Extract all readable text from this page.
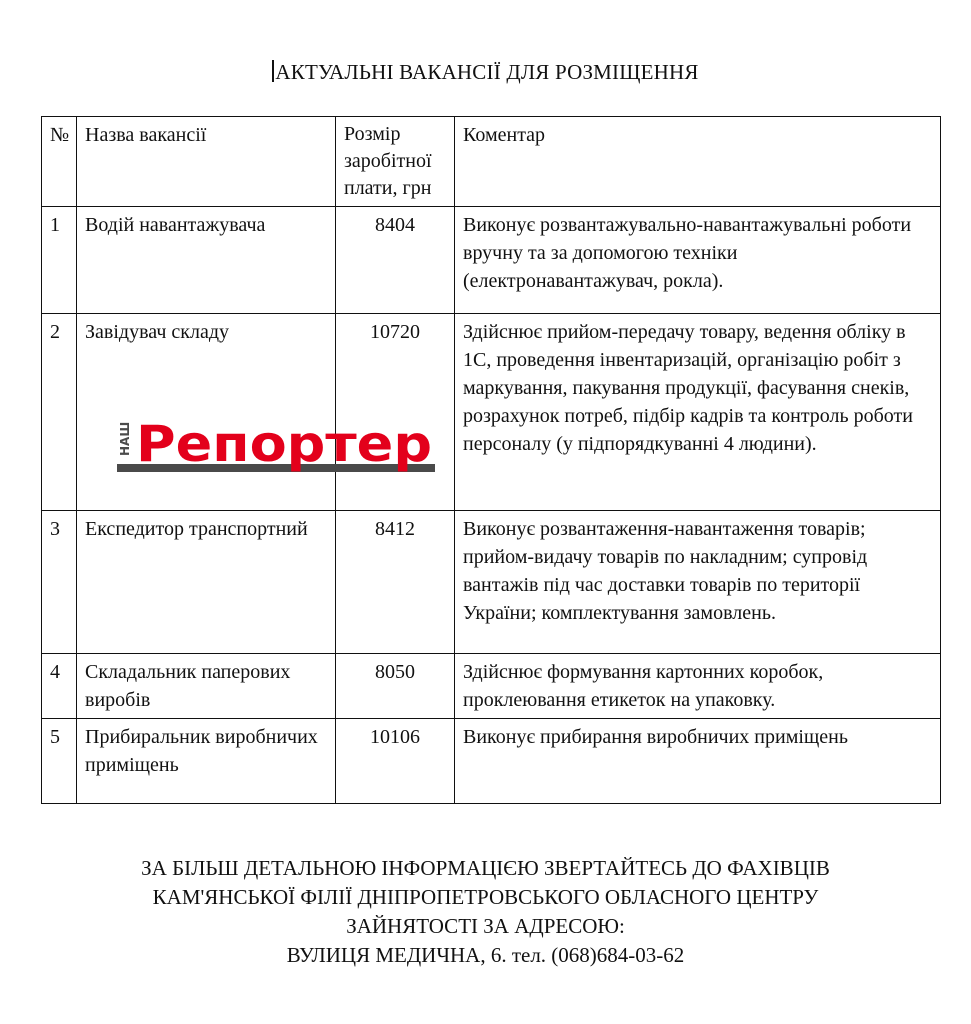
АКТУАЛЬНІ ВАКАНСІЇ ДЛЯ РОЗМІЩЕННЯ
№	Назва вакансії	Розмір заробітної плати, грн	Коментар
1	Водій навантажувача	8404	Виконує розвантажувально-навантажувальні роботи вручну та за допомогою техніки (електронавантажувач, рокла).
2	Завідувач складу	10720	Здійснює прийом-передачу товару, ведення обліку в 1С, проведення інвентаризацій, організацію робіт з маркування, пакування продукції, фасування снеків, розрахунок потреб, підбір кадрів та контроль роботи персоналу (у підпорядкуванні 4 людини).
3	Експедитор транспортний	8412	Виконує розвантаження-навантаження товарів; прийом-видачу товарів по накладним; супровід вантажів під час доставки товарів по території України; комплектування замовлень.
4	Складальник паперових виробів	8050	Здійснює формування картонних коробок, проклеювання етикеток на упаковку.
5	Прибиральник виробничих приміщень	10106	Виконує прибирання виробничих приміщень
НАШ Репортер
ЗА БІЛЬШ ДЕТАЛЬНОЮ ІНФОРМАЦІЄЮ ЗВЕРТАЙТЕСЬ ДО ФАХІВЦІВ
КАМ'ЯНСЬКОЇ ФІЛІЇ ДНІПРОПЕТРОВСЬКОГО ОБЛАСНОГО ЦЕНТРУ
ЗАЙНЯТОСТІ ЗА АДРЕСОЮ:
ВУЛИЦЯ МЕДИЧНА, 6. тел. (068)684-03-62
